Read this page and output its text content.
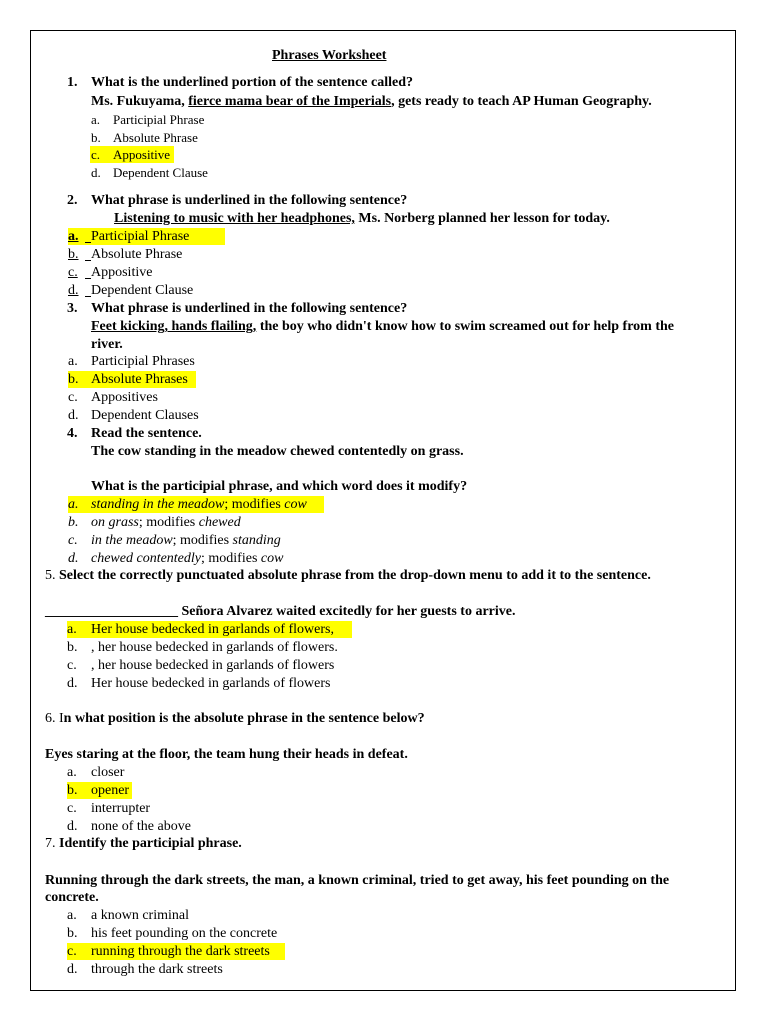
Phrases Worksheet
1. What is the underlined portion of the sentence called?
Ms. Fukuyama, fierce mama bear of the Imperials, gets ready to teach AP Human Geography.
a. Participial Phrase
b. Absolute Phrase
c. Appositive
d. Dependent Clause
2. What phrase is underlined in the following sentence?
Listening to music with her headphones, Ms. Norberg planned her lesson for today.
a. Participial Phrase
b. Absolute Phrase
c. Appositive
d. Dependent Clause
3. What phrase is underlined in the following sentence?
Feet kicking, hands flailing, the boy who didn't know how to swim screamed out for help from the
river.
a. Participial Phrases
b. Absolute Phrases
c. Appositives
d. Dependent Clauses
4. Read the sentence.
The cow standing in the meadow chewed contentedly on grass.
What is the participial phrase, and which word does it modify?
a. standing in the meadow; modifies cow
b. on grass; modifies chewed
c. in the meadow; modifies standing
d. chewed contentedly; modifies cow
5. Select the correctly punctuated absolute phrase from the drop-down menu to add it to the sentence.
___________________ Señora Alvarez waited excitedly for her guests to arrive.
a. Her house bedecked in garlands of flowers,
b. , her house bedecked in garlands of flowers.
c. , her house bedecked in garlands of flowers
d. Her house bedecked in garlands of flowers
6. In what position is the absolute phrase in the sentence below?
Eyes staring at the floor, the team hung their heads in defeat.
a. closer
b. opener
c. interrupter
d. none of the above
7. Identify the participial phrase.
Running through the dark streets, the man, a known criminal, tried to get away, his feet pounding on the
concrete.
a. a known criminal
b. his feet pounding on the concrete
c. running through the dark streets
d. through the dark streets
